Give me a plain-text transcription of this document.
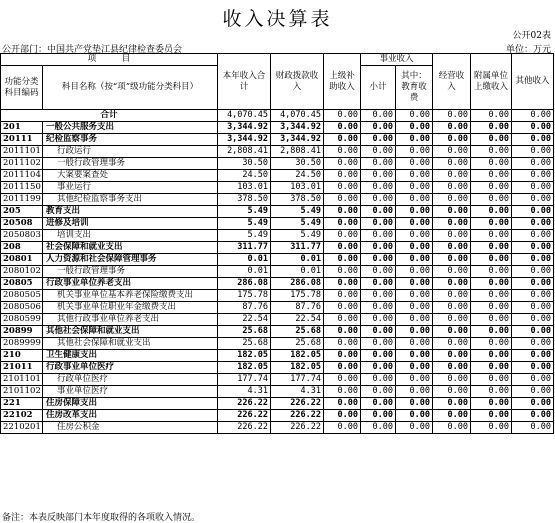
收入决算表
公开02表
公开部门：中国共产党垫江县纪律检查委员会	单位：万元
项　　　目		本年收入合计	财政拨款收入	上级补助收入	事业收入		经营收入	附属单位上缴收入	其他收入
功能分类科目编码	科目名称（按“项”级功能分类科目）				小计	其中：教育收费			
合计		4,070.45	4,070.45	0.00	0.00	0.00	0.00	0.00	0.00
201	一般公共服务支出	3,344.92	3,344.92	0.00	0.00	0.00	0.00	0.00	0.00
20111	纪检监察事务	3,344.92	3,344.92	0.00	0.00	0.00	0.00	0.00	0.00
2011101	行政运行	2,808.41	2,808.41	0.00	0.00	0.00	0.00	0.00	0.00
2011102	一般行政管理事务	30.50	30.50	0.00	0.00	0.00	0.00	0.00	0.00
2011104	大案要案查处	24.50	24.50	0.00	0.00	0.00	0.00	0.00	0.00
2011150	事业运行	103.01	103.01	0.00	0.00	0.00	0.00	0.00	0.00
2011199	其他纪检监察事务支出	378.50	378.50	0.00	0.00	0.00	0.00	0.00	0.00
205	教育支出	5.49	5.49	0.00	0.00	0.00	0.00	0.00	0.00
20508	进修及培训	5.49	5.49	0.00	0.00	0.00	0.00	0.00	0.00
2050803	培训支出	5.49	5.49	0.00	0.00	0.00	0.00	0.00	0.00
208	社会保障和就业支出	311.77	311.77	0.00	0.00	0.00	0.00	0.00	0.00
20801	人力资源和社会保障管理事务	0.01	0.01	0.00	0.00	0.00	0.00	0.00	0.00
2080102	一般行政管理事务	0.01	0.01	0.00	0.00	0.00	0.00	0.00	0.00
20805	行政事业单位养老支出	286.08	286.08	0.00	0.00	0.00	0.00	0.00	0.00
2080505	机关事业单位基本养老保险缴费支出	175.78	175.78	0.00	0.00	0.00	0.00	0.00	0.00
2080506	机关事业单位职业年金缴费支出	87.76	87.76	0.00	0.00	0.00	0.00	0.00	0.00
2080599	其他行政事业单位养老支出	22.54	22.54	0.00	0.00	0.00	0.00	0.00	0.00
20899	其他社会保障和就业支出	25.68	25.68	0.00	0.00	0.00	0.00	0.00	0.00
2089999	其他社会保障和就业支出	25.68	25.68	0.00	0.00	0.00	0.00	0.00	0.00
210	卫生健康支出	182.05	182.05	0.00	0.00	0.00	0.00	0.00	0.00
21011	行政事业单位医疗	182.05	182.05	0.00	0.00	0.00	0.00	0.00	0.00
2101101	行政单位医疗	177.74	177.74	0.00	0.00	0.00	0.00	0.00	0.00
2101102	事业单位医疗	4.31	4.31	0.00	0.00	0.00	0.00	0.00	0.00
221	住房保障支出	226.22	226.22	0.00	0.00	0.00	0.00	0.00	0.00
22102	住房改革支出	226.22	226.22	0.00	0.00	0.00	0.00	0.00	0.00
2210201	住房公积金	226.22	226.22	0.00	0.00	0.00	0.00	0.00	0.00
备注：本表反映部门本年度取得的各项收入情况。
